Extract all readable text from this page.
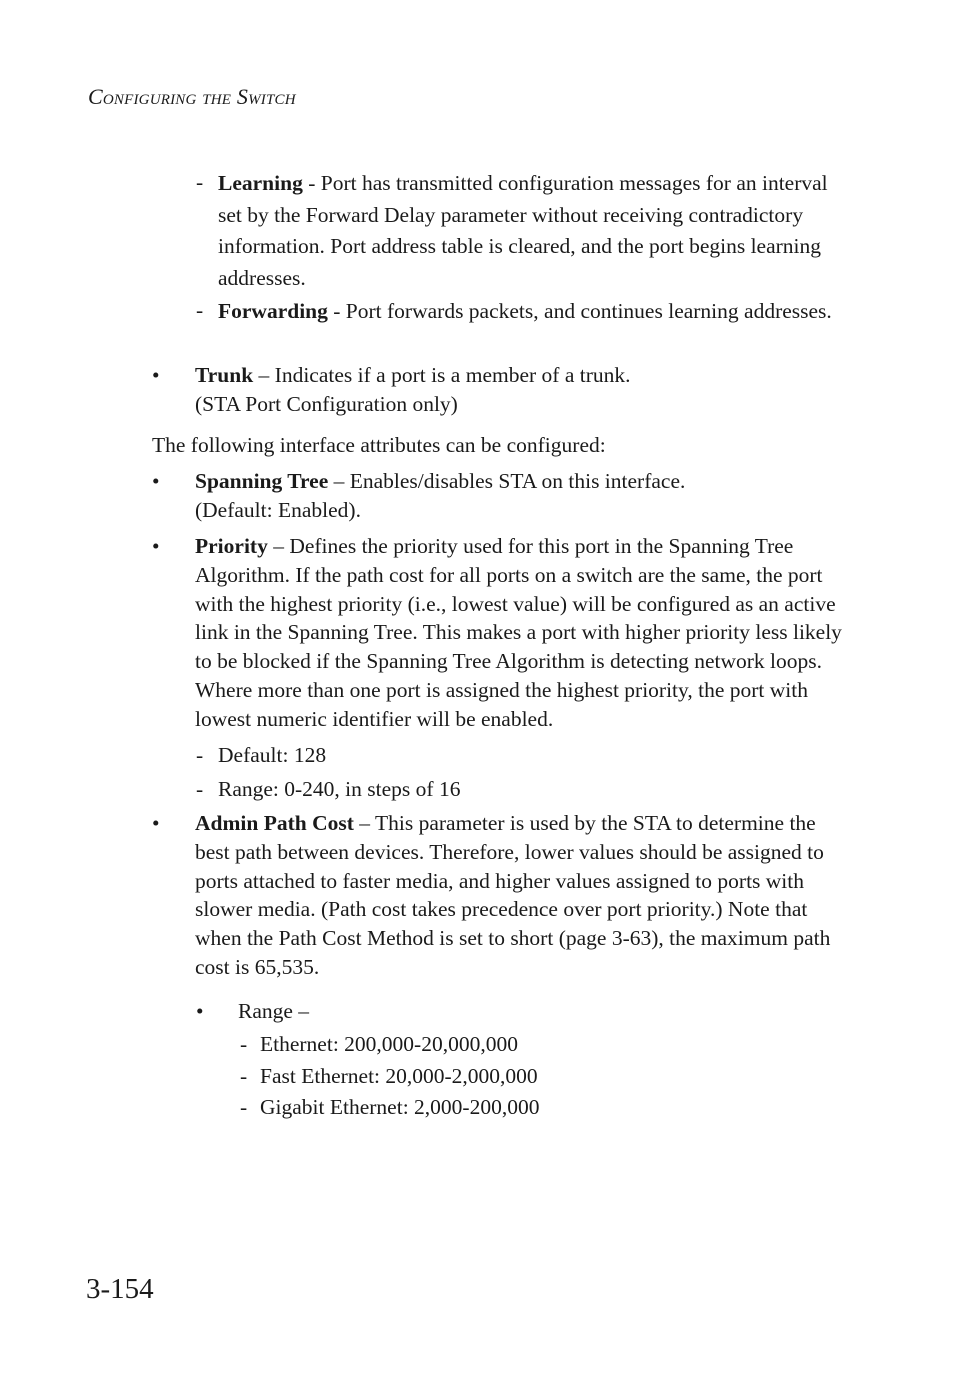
Configuring the Switch
- Learning - Port has transmitted configuration messages for an interval set by the Forward Delay parameter without receiving contradictory information. Port address table is cleared, and the port begins learning addresses.

- Forwarding - Port forwards packets, and continues learning addresses.

• Trunk – Indicates if a port is a member of a trunk.
(STA Port Configuration only)

The following interface attributes can be configured:

• Spanning Tree – Enables/disables STA on this interface.
(Default: Enabled).

• Priority – Defines the priority used for this port in the Spanning Tree Algorithm. If the path cost for all ports on a switch are the same, the port with the highest priority (i.e., lowest value) will be configured as an active link in the Spanning Tree. This makes a port with higher priority less likely to be blocked if the Spanning Tree Algorithm is detecting network loops. Where more than one port is assigned the highest priority, the port with lowest numeric identifier will be enabled.

- Default: 128

- Range: 0-240, in steps of 16

• Admin Path Cost – This parameter is used by the STA to determine the best path between devices. Therefore, lower values should be assigned to ports attached to faster media, and higher values assigned to ports with slower media. (Path cost takes precedence over port priority.) Note that when the Path Cost Method is set to short (page 3-63), the maximum path cost is 65,535.

• Range –

- Ethernet: 200,000-20,000,000

- Fast Ethernet: 20,000-2,000,000

- Gigabit Ethernet: 2,000-200,000

3-154
